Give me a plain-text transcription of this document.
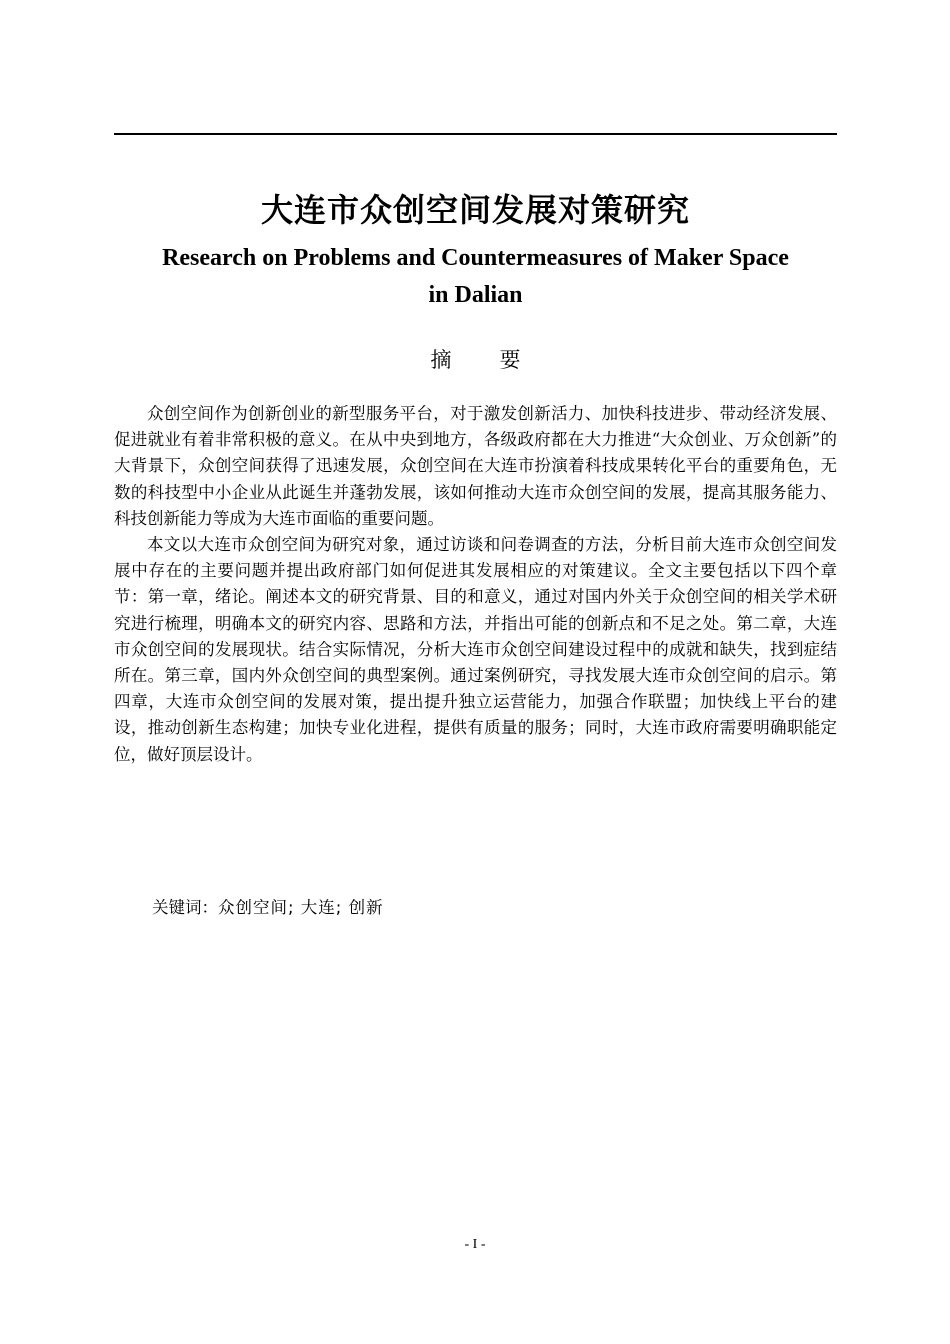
大连市众创空间发展对策研究
Research on Problems and Countermeasures of Maker Space
in Dalian
摘要

众创空间作为创新创业的新型服务平台，对于激发创新活力、加快科技进步、带动经济发展、促进就业有着非常积极的意义。在从中央到地方，各级政府都在大力推进“大众创业、万众创新”的大背景下，众创空间获得了迅速发展，众创空间在大连市扮演着科技成果转化平台的重要角色，无数的科技型中小企业从此诞生并蓬勃发展，该如何推动大连市众创空间的发展，提高其服务能力、科技创新能力等成为大连市面临的重要问题。

本文以大连市众创空间为研究对象，通过访谈和问卷调查的方法，分析目前大连市众创空间发展中存在的主要问题并提出政府部门如何促进其发展相应的对策建议。全文主要包括以下四个章节：第一章，绪论。阐述本文的研究背景、目的和意义，通过对国内外关于众创空间的相关学术研究进行梳理，明确本文的研究内容、思路和方法，并指出可能的创新点和不足之处。第二章，大连市众创空间的发展现状。结合实际情况，分析大连市众创空间建设过程中的成就和缺失，找到症结所在。第三章，国内外众创空间的典型案例。通过案例研究，寻找发展大连市众创空间的启示。第四章，大连市众创空间的发展对策，提出提升独立运营能力，加强合作联盟；加快线上平台的建设，推动创新生态构建；加快专业化进程，提供有质量的服务；同时，大连市政府需要明确职能定位，做好顶层设计。

关键词：众创空间; 大连; 创新
- I -
